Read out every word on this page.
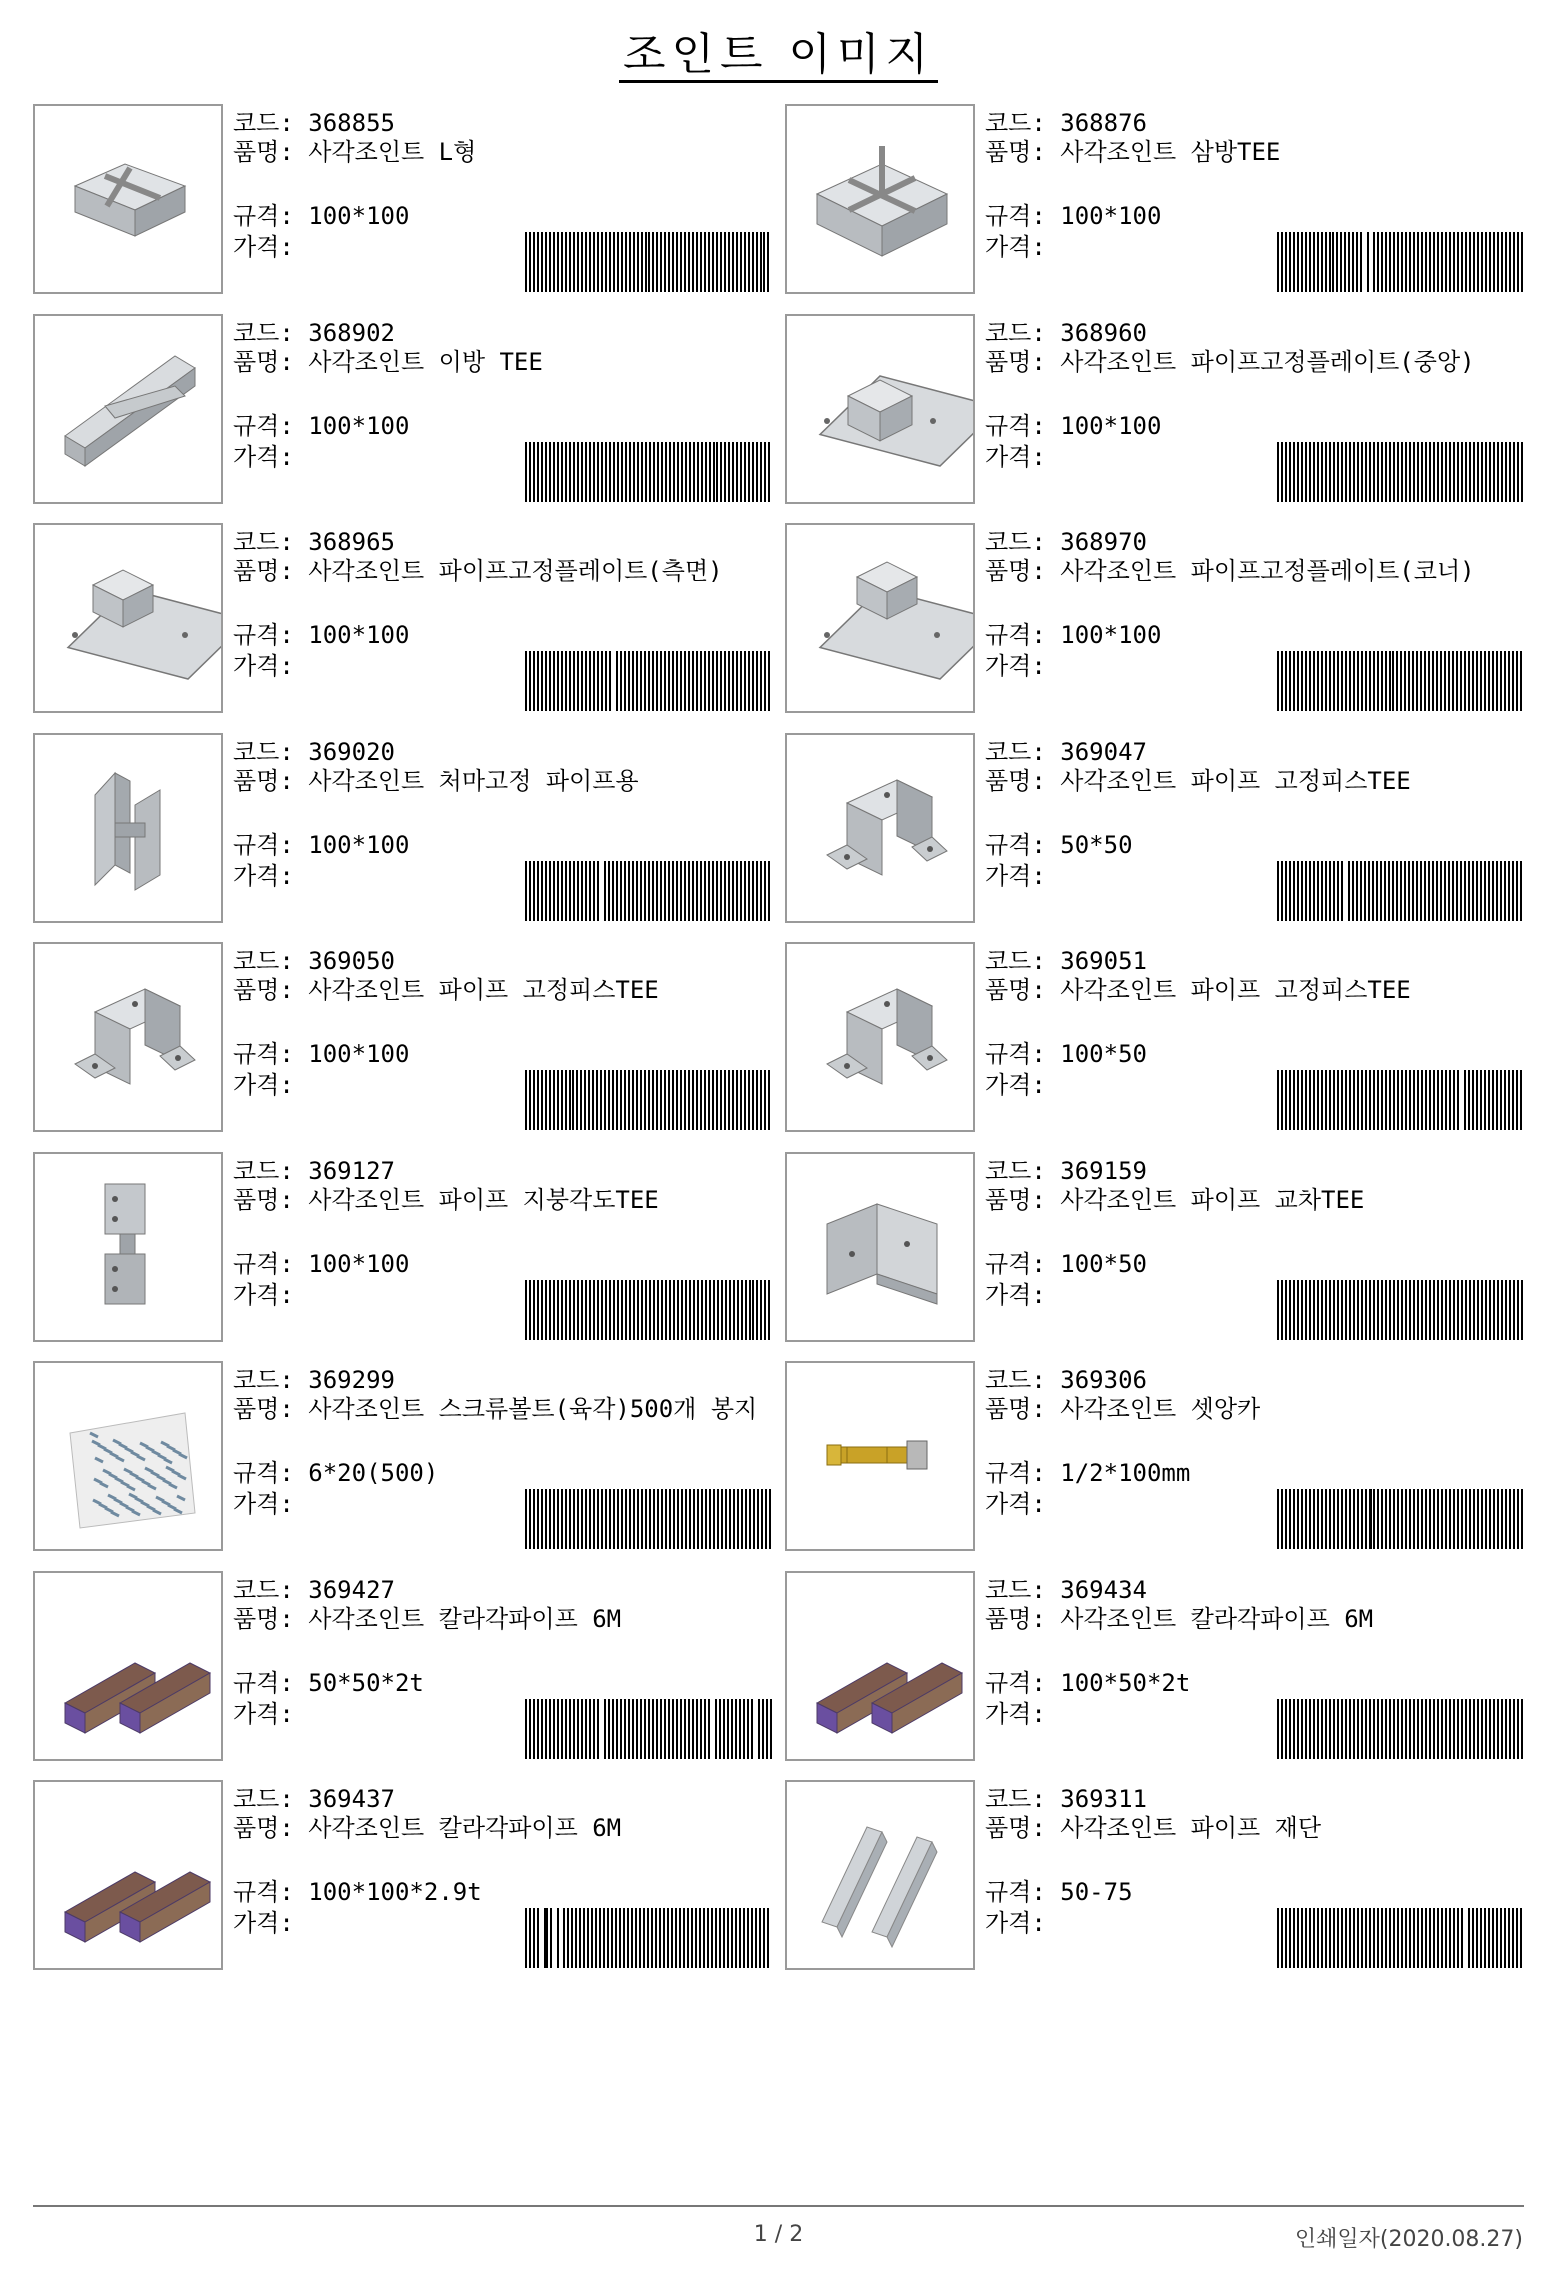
조인트 이미지
코드: 368855
품명: 사각조인트 L형
규격: 100*100
가격:
코드: 368876
품명: 사각조인트 삼방TEE
규격: 100*100
가격:
코드: 368902
품명: 사각조인트 이방 TEE
규격: 100*100
가격:
코드: 368960
품명: 사각조인트 파이프고정플레이트(중앙)
규격: 100*100
가격:
코드: 368965
품명: 사각조인트 파이프고정플레이트(측면)
규격: 100*100
가격:
코드: 368970
품명: 사각조인트 파이프고정플레이트(코너)
규격: 100*100
가격:
코드: 369020
품명: 사각조인트 처마고정 파이프용
규격: 100*100
가격:
코드: 369047
품명: 사각조인트 파이프 고정피스TEE
규격: 50*50
가격:
코드: 369050
품명: 사각조인트 파이프 고정피스TEE
규격: 100*100
가격:
코드: 369051
품명: 사각조인트 파이프 고정피스TEE
규격: 100*50
가격:
코드: 369127
품명: 사각조인트 파이프 지붕각도TEE
규격: 100*100
가격:
코드: 369159
품명: 사각조인트 파이프 교차TEE
규격: 100*50
가격:
코드: 369299
품명: 사각조인트 스크류볼트(육각)500개 봉지
규격: 6*20(500)
가격:
코드: 369306
품명: 사각조인트 셋앙카
규격: 1/2*100mm
가격:
코드: 369427
품명: 사각조인트 칼라각파이프 6M
규격: 50*50*2t
가격:
코드: 369434
품명: 사각조인트 칼라각파이프 6M
규격: 100*50*2t
가격:
코드: 369437
품명: 사각조인트 칼라각파이프 6M
규격: 100*100*2.9t
가격:
코드: 369311
품명: 사각조인트 파이프 재단
규격: 50-75
가격:
1 / 2	인쇄일자(2020.08.27)
